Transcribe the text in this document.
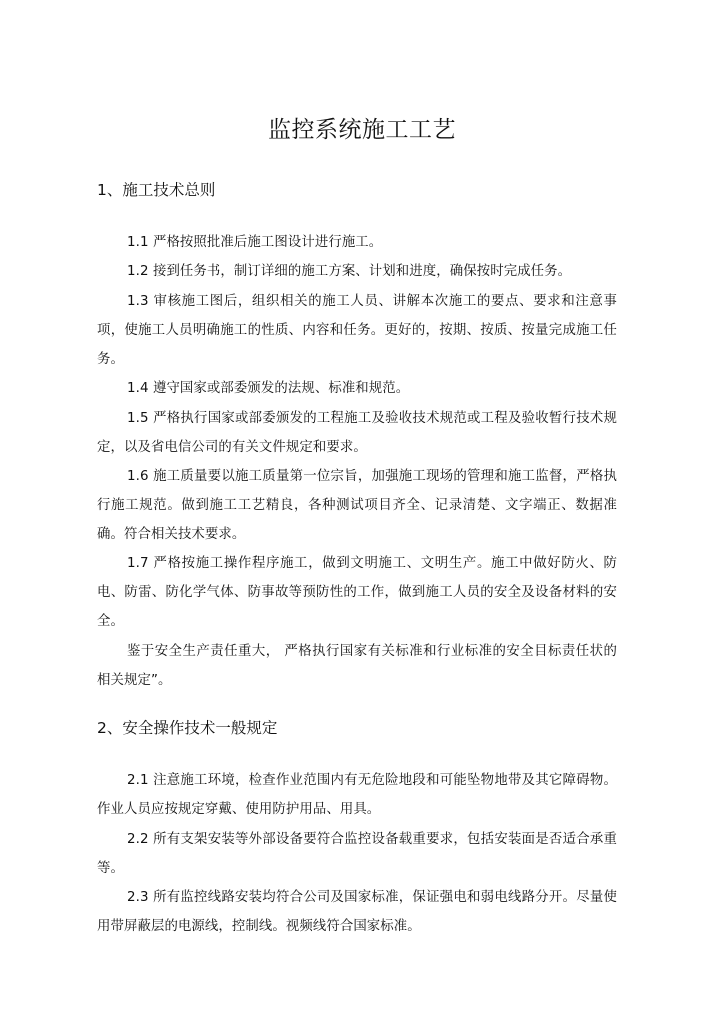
监控系统施工工艺
1、施工技术总则

1.1 严格按照批准后施工图设计进行施工。

1.2 接到任务书，制订详细的施工方案、计划和进度，确保按时完成任务。

1.3 审核施工图后，组织相关的施工人员、讲解本次施工的要点、要求和注意事项，使施工人员明确施工的性质、内容和任务。更好的，按期、按质、按量完成施工任务。

1.4 遵守国家或部委颁发的法规、标准和规范。

1.5 严格执行国家或部委颁发的工程施工及验收技术规范或工程及验收暂行技术规定，以及省电信公司的有关文件规定和要求。

1.6 施工质量要以施工质量第一位宗旨，加强施工现场的管理和施工监督，严格执行施工规范。做到施工工艺精良，各种测试项目齐全、记录清楚、文字端正、数据准确。符合相关技术要求。

1.7 严格按施工操作程序施工，做到文明施工、文明生产。施工中做好防火、防电、防雷、防化学气体、防事故等预防性的工作，做到施工人员的安全及设备材料的安全。

鉴于安全生产责任重大， 严格执行国家有关标准和行业标准的安全目标责任状的相关规定”。

2、安全操作技术一般规定

2.1 注意施工环境，检查作业范围内有无危险地段和可能坠物地带及其它障碍物。作业人员应按规定穿戴、使用防护用品、用具。

2.2 所有支架安装等外部设备要符合监控设备载重要求，包括安装面是否适合承重等。

2.3 所有监控线路安装均符合公司及国家标准，保证强电和弱电线路分开。尽量使用带屏蔽层的电源线，控制线。视频线符合国家标准。
